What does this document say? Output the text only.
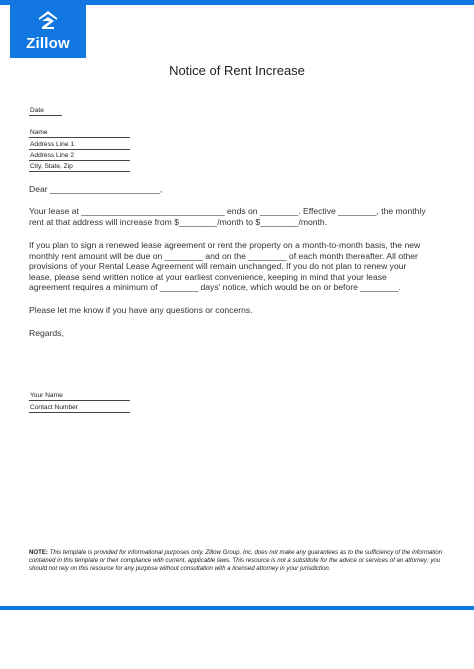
Zillow
Notice of Rent Increase
Date
Name
Address Line 1
Address Line 2
City, State, Zip
Dear _______________________,
Your lease at ______________________________ ends on ________. Effective ________, the monthly rent at that address will increase from $________/month to $________/month.
If you plan to sign a renewed lease agreement or rent the property on a month-to-month basis, the new monthly rent amount will be due on ________ and on the ________ of each month thereafter. All other provisions of your Rental Lease Agreement will remain unchanged. If you do not plan to renew your lease, please send written notice at your earliest convenience, keeping in mind that your lease agreement requires a minimum of ________ days' notice, which would be on or before ________.
Please let me know if you have any questions or concerns.
Regards,
Your Name
Contact Number
NOTE: This template is provided for informational purposes only. Zillow Group, Inc. does not make any guarantees as to the sufficiency of the information contained in this template or their compliance with current, applicable laws. This resource is not a substitute for the advice or services of an attorney; you should not rely on this resource for any purpose without consultation with a licensed attorney in your jurisdiction.
